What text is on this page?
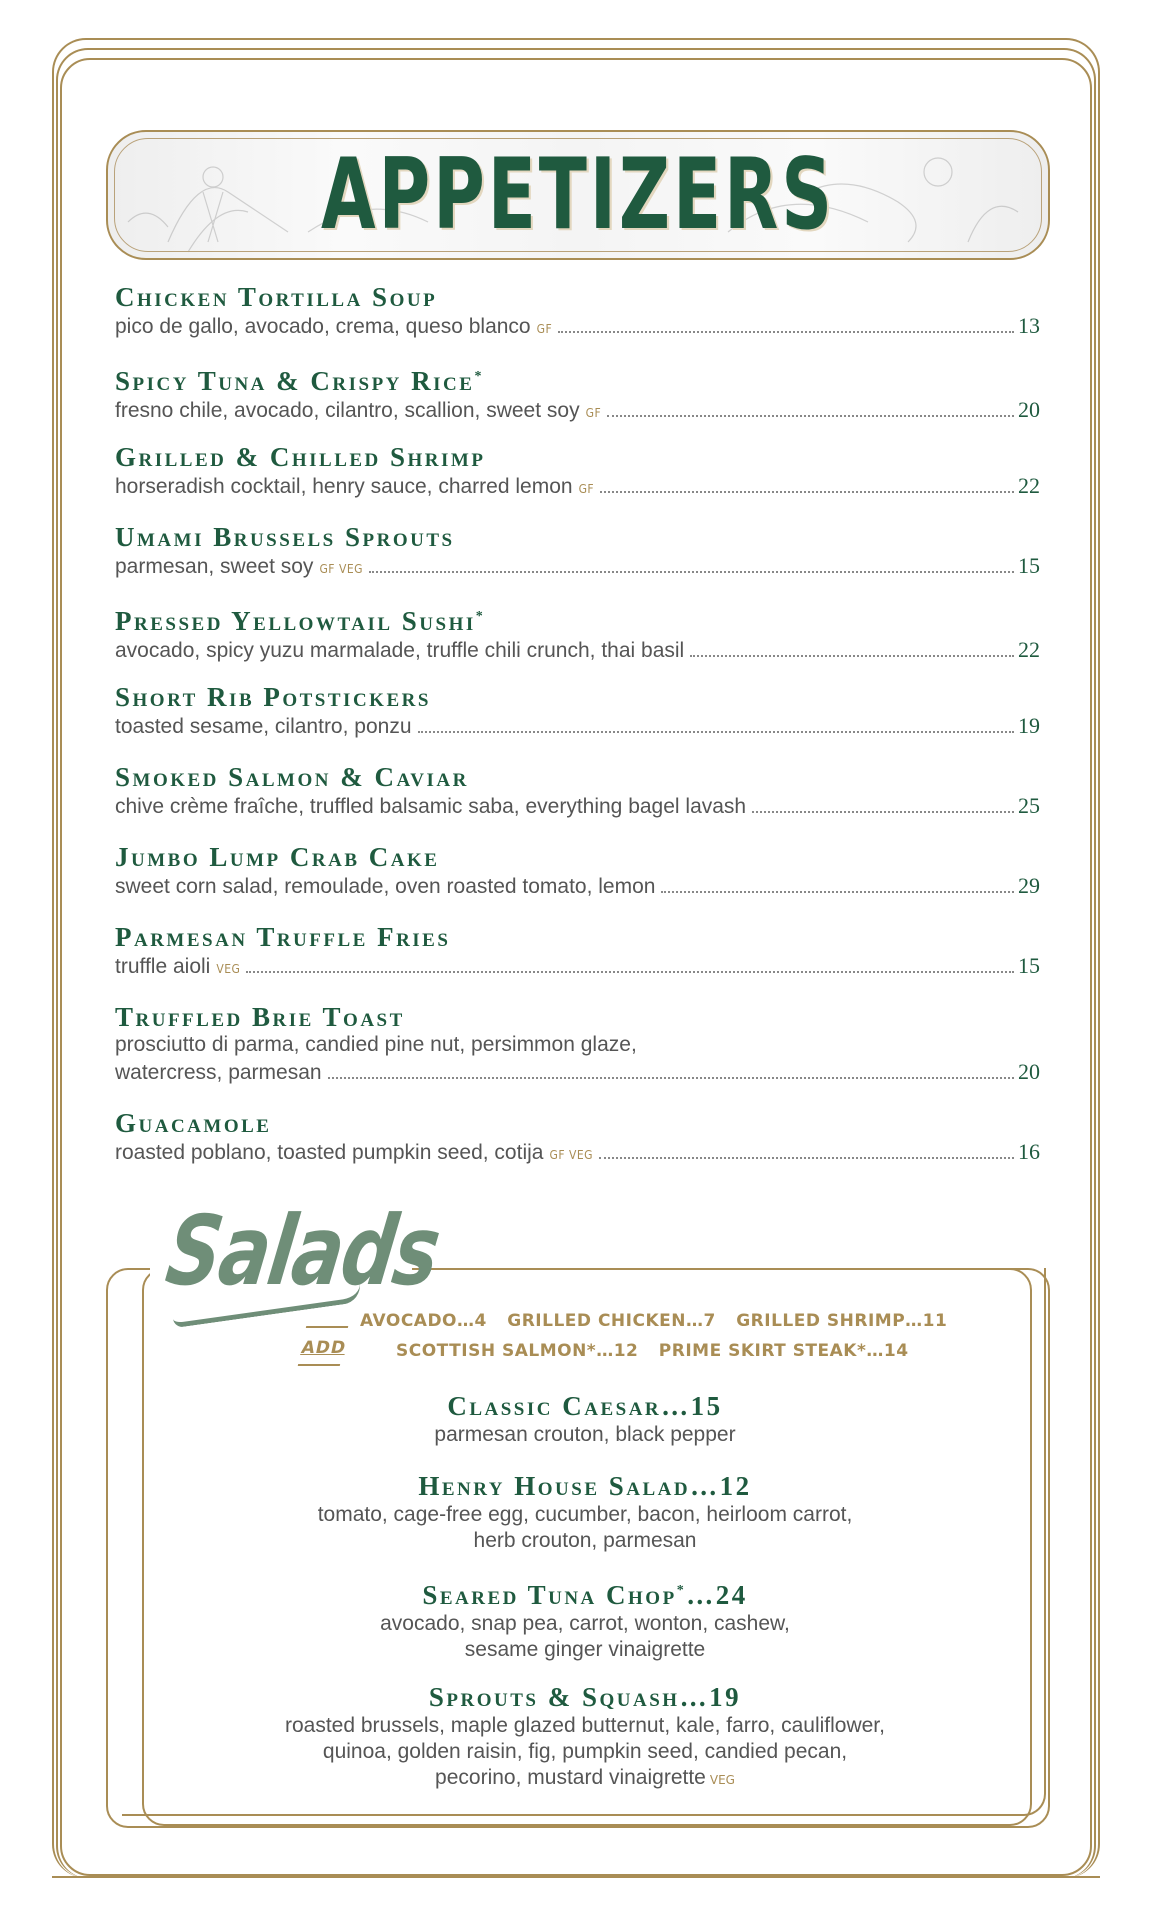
APPETIZERS
Chicken Tortilla Soup
pico de gallo, avocado, crema, queso blanco GF	13
Spicy Tuna & Crispy Rice*
fresno chile, avocado, cilantro, scallion, sweet soy GF	20
Grilled & Chilled Shrimp
horseradish cocktail, henry sauce, charred lemon GF	22
Umami Brussels Sprouts
parmesan, sweet soy GF VEG	15
Pressed Yellowtail Sushi*
avocado, spicy yuzu marmalade, truffle chili crunch, thai basil	22
Short Rib Potstickers
toasted sesame, cilantro, ponzu	19
Smoked Salmon & Caviar
chive crème fraîche, truffled balsamic saba, everything bagel lavash	25
Jumbo Lump Crab Cake
sweet corn salad, remoulade, oven roasted tomato, lemon	29
Parmesan Truffle Fries
truffle aioli VEG	15
Truffled Brie Toast
prosciutto di parma, candied pine nut, persimmon glaze,
watercress, parmesan	20
Guacamole
roasted poblano, toasted pumpkin seed, cotija GF VEG	16
Salads
ADD
AVOCADO…4 GRILLED CHICKEN…7 GRILLED SHRIMP…11
SCOTTISH SALMON*…12 PRIME SKIRT STEAK*…14
Classic Caesar…15
parmesan crouton, black pepper
Henry House Salad…12
tomato, cage-free egg, cucumber, bacon, heirloom carrot,
herb crouton, parmesan
Seared Tuna Chop*…24
avocado, snap pea, carrot, wonton, cashew,
sesame ginger vinaigrette
Sprouts & Squash…19
roasted brussels, maple glazed butternut, kale, farro, cauliflower,
quinoa, golden raisin, fig, pumpkin seed, candied pecan,
pecorino, mustard vinaigrette VEG
